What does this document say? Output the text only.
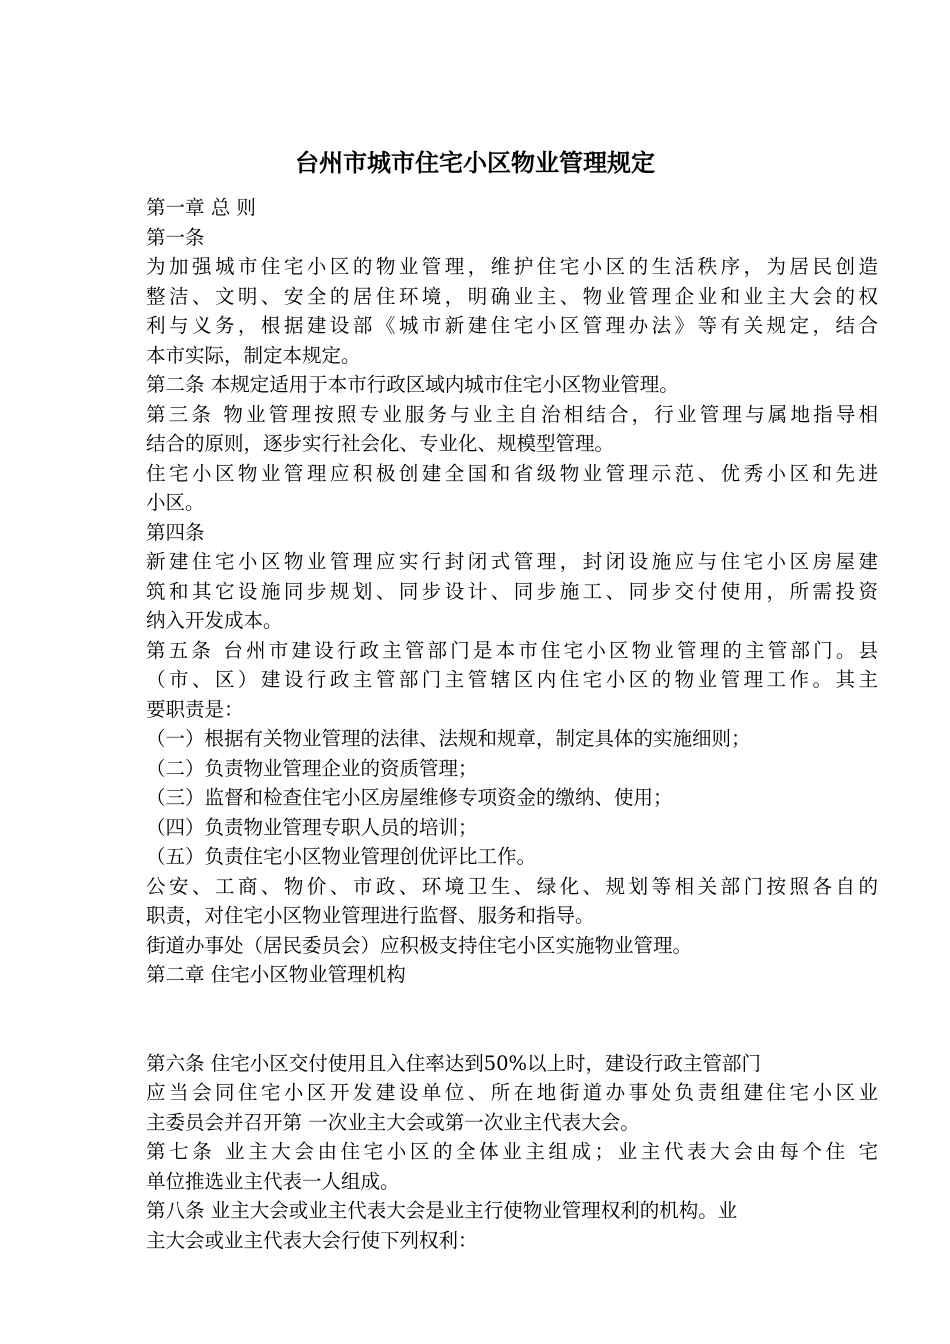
台州市城市住宅小区物业管理规定
第一章 总 则
第一条
为加强城市住宅小区的物业管理，维护住宅小区的生活秩序，为居民创造
整洁、文明、安全的居住环境，明确业主、物业管理企业和业主大会的权
利与义务，根据建设部《城市新建住宅小区管理办法》等有关规定，结合
本市实际，制定本规定。
第二条 本规定适用于本市行政区域内城市住宅小区物业管理。
第三条 物业管理按照专业服务与业主自治相结合，行业管理与属地指导相
结合的原则，逐步实行社会化、专业化、规模型管理。
住宅小区物业管理应积极创建全国和省级物业管理示范、优秀小区和先进
小区。
第四条
新建住宅小区物业管理应实行封闭式管理，封闭设施应与住宅小区房屋建
筑和其它设施同步规划、同步设计、同步施工、同步交付使用，所需投资
纳入开发成本。
第五条 台州市建设行政主管部门是本市住宅小区物业管理的主管部门。县
（市、区）建设行政主管部门主管辖区内住宅小区的物业管理工作。其主
要职责是：
（一）根据有关物业管理的法律、法规和规章，制定具体的实施细则；
（二）负责物业管理企业的资质管理；
（三）监督和检查住宅小区房屋维修专项资金的缴纳、使用；
（四）负责物业管理专职人员的培训；
（五）负责住宅小区物业管理创优评比工作。
公安、工商、物价、市政、环境卫生、绿化、规划等相关部门按照各自的
职责，对住宅小区物业管理进行监督、服务和指导。
街道办事处（居民委员会）应积极支持住宅小区实施物业管理。
第二章 住宅小区物业管理机构
第六条 住宅小区交付使用且入住率达到50%以上时，建设行政主管部门
应当会同住宅小区开发建设单位、所在地街道办事处负责组建住宅小区业
主委员会并召开第 一次业主大会或第一次业主代表大会。
第七条 业主大会由住宅小区的全体业主组成；业主代表大会由每个住 宅
单位推选业主代表一人组成。
第八条 业主大会或业主代表大会是业主行使物业管理权利的机构。业
主大会或业主代表大会行使下列权利：
